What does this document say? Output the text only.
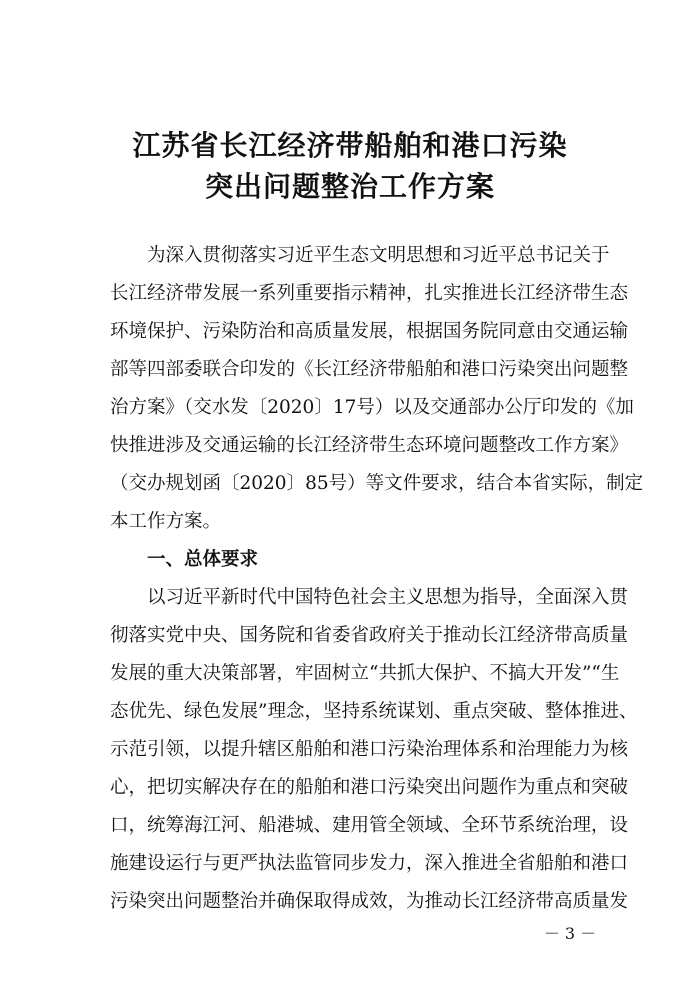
江苏省长江经济带船舶和港口污染
突出问题整治工作方案
为深入贯彻落实习近平生态文明思想和习近平总书记关于
长江经济带发展一系列重要指示精神，扎实推进长江经济带生态
环境保护、污染防治和高质量发展，根据国务院同意由交通运输
部等四部委联合印发的《长江经济带船舶和港口污染突出问题整
治方案》（交水发〔2020〕17号）以及交通部办公厅印发的《加
快推进涉及交通运输的长江经济带生态环境问题整改工作方案》
（交办规划函〔2020〕85号）等文件要求，结合本省实际，制定
本工作方案。
一、总体要求
以习近平新时代中国特色社会主义思想为指导，全面深入贯
彻落实党中央、国务院和省委省政府关于推动长江经济带高质量
发展的重大决策部署，牢固树立“共抓大保护、不搞大开发”“生
态优先、绿色发展”理念，坚持系统谋划、重点突破、整体推进、
示范引领，以提升辖区船舶和港口污染治理体系和治理能力为核
心，把切实解决存在的船舶和港口污染突出问题作为重点和突破
口，统筹海江河、船港城、建用管全领域、全环节系统治理，设
施建设运行与更严执法监管同步发力，深入推进全省船舶和港口
污染突出问题整治并确保取得成效，为推动长江经济带高质量发
－ 3 －
